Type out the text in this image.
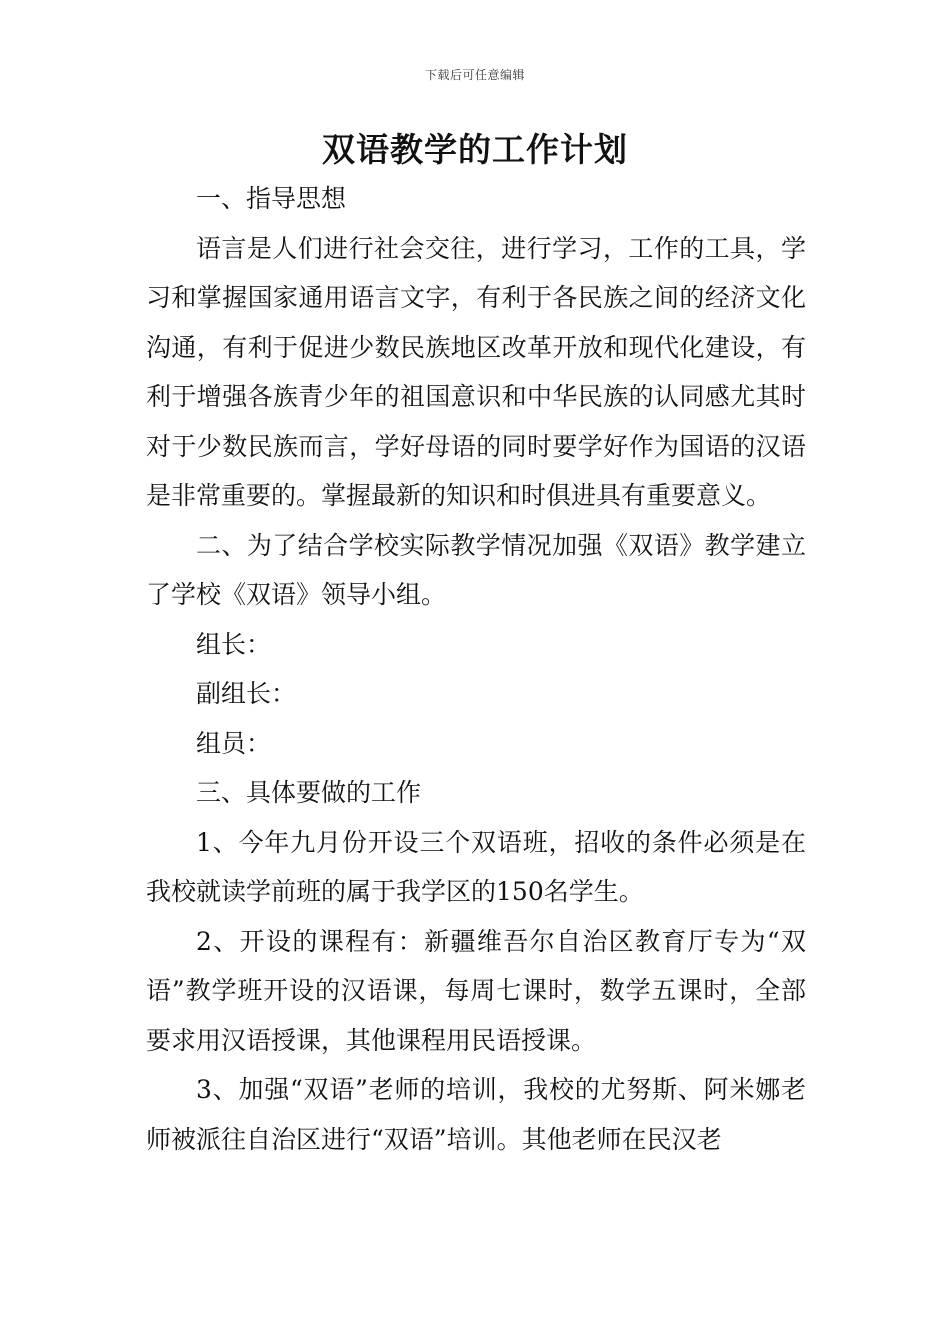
下载后可任意编辑
双语教学的工作计划

一、指导思想

语言是人们进行社会交往，进行学习，工作的工具，学习和掌握国家通用语言文字，有利于各民族之间的经济文化沟通，有利于促进少数民族地区改革开放和现代化建设，有利于增强各族青少年的祖国意识和中华民族的认同感尤其时对于少数民族而言，学好母语的同时要学好作为国语的汉语是非常重要的。掌握最新的知识和时俱进具有重要意义。

二、为了结合学校实际教学情况加强《双语》教学建立了学校《双语》领导小组。

组长：

副组长：

组员：

三、具体要做的工作

1、今年九月份开设三个双语班，招收的条件必须是在我校就读学前班的属于我学区的150名学生。

2、开设的课程有：新疆维吾尔自治区教育厅专为“双语”教学班开设的汉语课，每周七课时，数学五课时，全部要求用汉语授课，其他课程用民语授课。

3、加强“双语”老师的培训，我校的尤努斯、阿米娜老师被派往自治区进行“双语”培训。其他老师在民汉老
